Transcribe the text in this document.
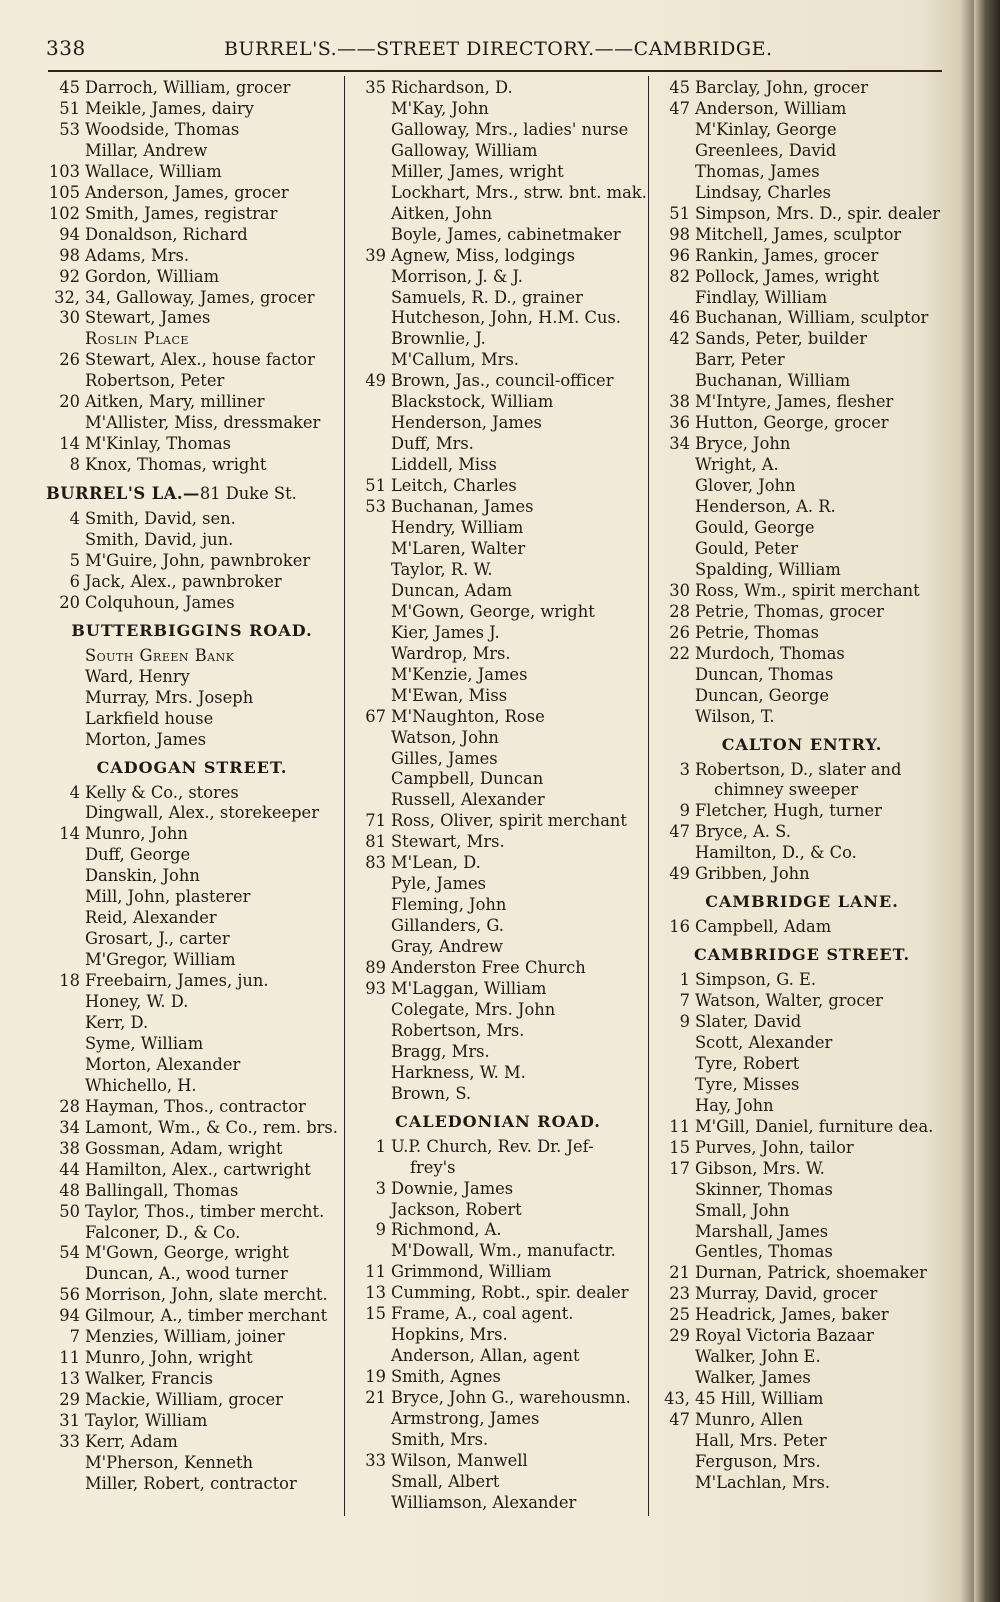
338	BURREL'S.——STREET DIRECTORY.——CAMBRIDGE.
45 Darroch, William, grocer
51 Meikle, James, dairy
53 Woodside, Thomas
Millar, Andrew
103 Wallace, William
105 Anderson, James, grocer
102 Smith, James, registrar
94 Donaldson, Richard
98 Adams, Mrs.
92 Gordon, William
32, 34, Galloway, James, grocer
30 Stewart, James
Roslin Place
26 Stewart, Alex., house factor
Robertson, Peter
20 Aitken, Mary, milliner
M'Allister, Miss, dressmaker
14 M'Kinlay, Thomas
8 Knox, Thomas, wright
BURREL'S LA.—81 Duke St.
4 Smith, David, sen.
Smith, David, jun.
5 M'Guire, John, pawnbroker
6 Jack, Alex., pawnbroker
20 Colquhoun, James
BUTTERBIGGINS ROAD.
South Green Bank
Ward, Henry
Murray, Mrs. Joseph
Larkfield house
Morton, James
CADOGAN STREET.
4 Kelly & Co., stores
Dingwall, Alex., storekeeper
14 Munro, John
Duff, George
Danskin, John
Mill, John, plasterer
Reid, Alexander
Grosart, J., carter
M'Gregor, William
18 Freebairn, James, jun.
Honey, W. D.
Kerr, D.
Syme, William
Morton, Alexander
Whichello, H.
28 Hayman, Thos., contractor
34 Lamont, Wm., & Co., rem. brs.
38 Gossman, Adam, wright
44 Hamilton, Alex., cartwright
48 Ballingall, Thomas
50 Taylor, Thos., timber mercht.
Falconer, D., & Co.
54 M'Gown, George, wright
Duncan, A., wood turner
56 Morrison, John, slate mercht.
94 Gilmour, A., timber merchant
7 Menzies, William, joiner
11 Munro, John, wright
13 Walker, Francis
29 Mackie, William, grocer
31 Taylor, William
33 Kerr, Adam
M'Pherson, Kenneth
Miller, Robert, contractor
35 Richardson, D.
M'Kay, John
Galloway, Mrs., ladies' nurse
Galloway, William
Miller, James, wright
Lockhart, Mrs., strw. bnt. mak.
Aitken, John
Boyle, James, cabinetmaker
39 Agnew, Miss, lodgings
Morrison, J. & J.
Samuels, R. D., grainer
Hutcheson, John, H.M. Cus.
Brownlie, J.
M'Callum, Mrs.
49 Brown, Jas., council-officer
Blackstock, William
Henderson, James
Duff, Mrs.
Liddell, Miss
51 Leitch, Charles
53 Buchanan, James
Hendry, William
M'Laren, Walter
Taylor, R. W.
Duncan, Adam
M'Gown, George, wright
Kier, James J.
Wardrop, Mrs.
M'Kenzie, James
M'Ewan, Miss
67 M'Naughton, Rose
Watson, John
Gilles, James
Campbell, Duncan
Russell, Alexander
71 Ross, Oliver, spirit merchant
81 Stewart, Mrs.
83 M'Lean, D.
Pyle, James
Fleming, John
Gillanders, G.
Gray, Andrew
89 Anderston Free Church
93 M'Laggan, William
Colegate, Mrs. John
Robertson, Mrs.
Bragg, Mrs.
Harkness, W. M.
Brown, S.
CALEDONIAN ROAD.
1 U.P. Church, Rev. Dr. Jef-
frey's
3 Downie, James
Jackson, Robert
9 Richmond, A.
M'Dowall, Wm., manufactr.
11 Grimmond, William
13 Cumming, Robt., spir. dealer
15 Frame, A., coal agent.
Hopkins, Mrs.
Anderson, Allan, agent
19 Smith, Agnes
21 Bryce, John G., warehousmn.
Armstrong, James
Smith, Mrs.
33 Wilson, Manwell
Small, Albert
Williamson, Alexander
45 Barclay, John, grocer
47 Anderson, William
M'Kinlay, George
Greenlees, David
Thomas, James
Lindsay, Charles
51 Simpson, Mrs. D., spir. dealer
98 Mitchell, James, sculptor
96 Rankin, James, grocer
82 Pollock, James, wright
Findlay, William
46 Buchanan, William, sculptor
42 Sands, Peter, builder
Barr, Peter
Buchanan, William
38 M'Intyre, James, flesher
36 Hutton, George, grocer
34 Bryce, John
Wright, A.
Glover, John
Henderson, A. R.
Gould, George
Gould, Peter
Spalding, William
30 Ross, Wm., spirit merchant
28 Petrie, Thomas, grocer
26 Petrie, Thomas
22 Murdoch, Thomas
Duncan, Thomas
Duncan, George
Wilson, T.
CALTON ENTRY.
3 Robertson, D., slater and
chimney sweeper
9 Fletcher, Hugh, turner
47 Bryce, A. S.
Hamilton, D., & Co.
49 Gribben, John
CAMBRIDGE LANE.
16 Campbell, Adam
CAMBRIDGE STREET.
1 Simpson, G. E.
7 Watson, Walter, grocer
9 Slater, David
Scott, Alexander
Tyre, Robert
Tyre, Misses
Hay, John
11 M'Gill, Daniel, furniture dea.
15 Purves, John, tailor
17 Gibson, Mrs. W.
Skinner, Thomas
Small, John
Marshall, James
Gentles, Thomas
21 Durnan, Patrick, shoemaker
23 Murray, David, grocer
25 Headrick, James, baker
29 Royal Victoria Bazaar
Walker, John E.
Walker, James
43, 45 Hill, William
47 Munro, Allen
Hall, Mrs. Peter
Ferguson, Mrs.
M'Lachlan, Mrs.
